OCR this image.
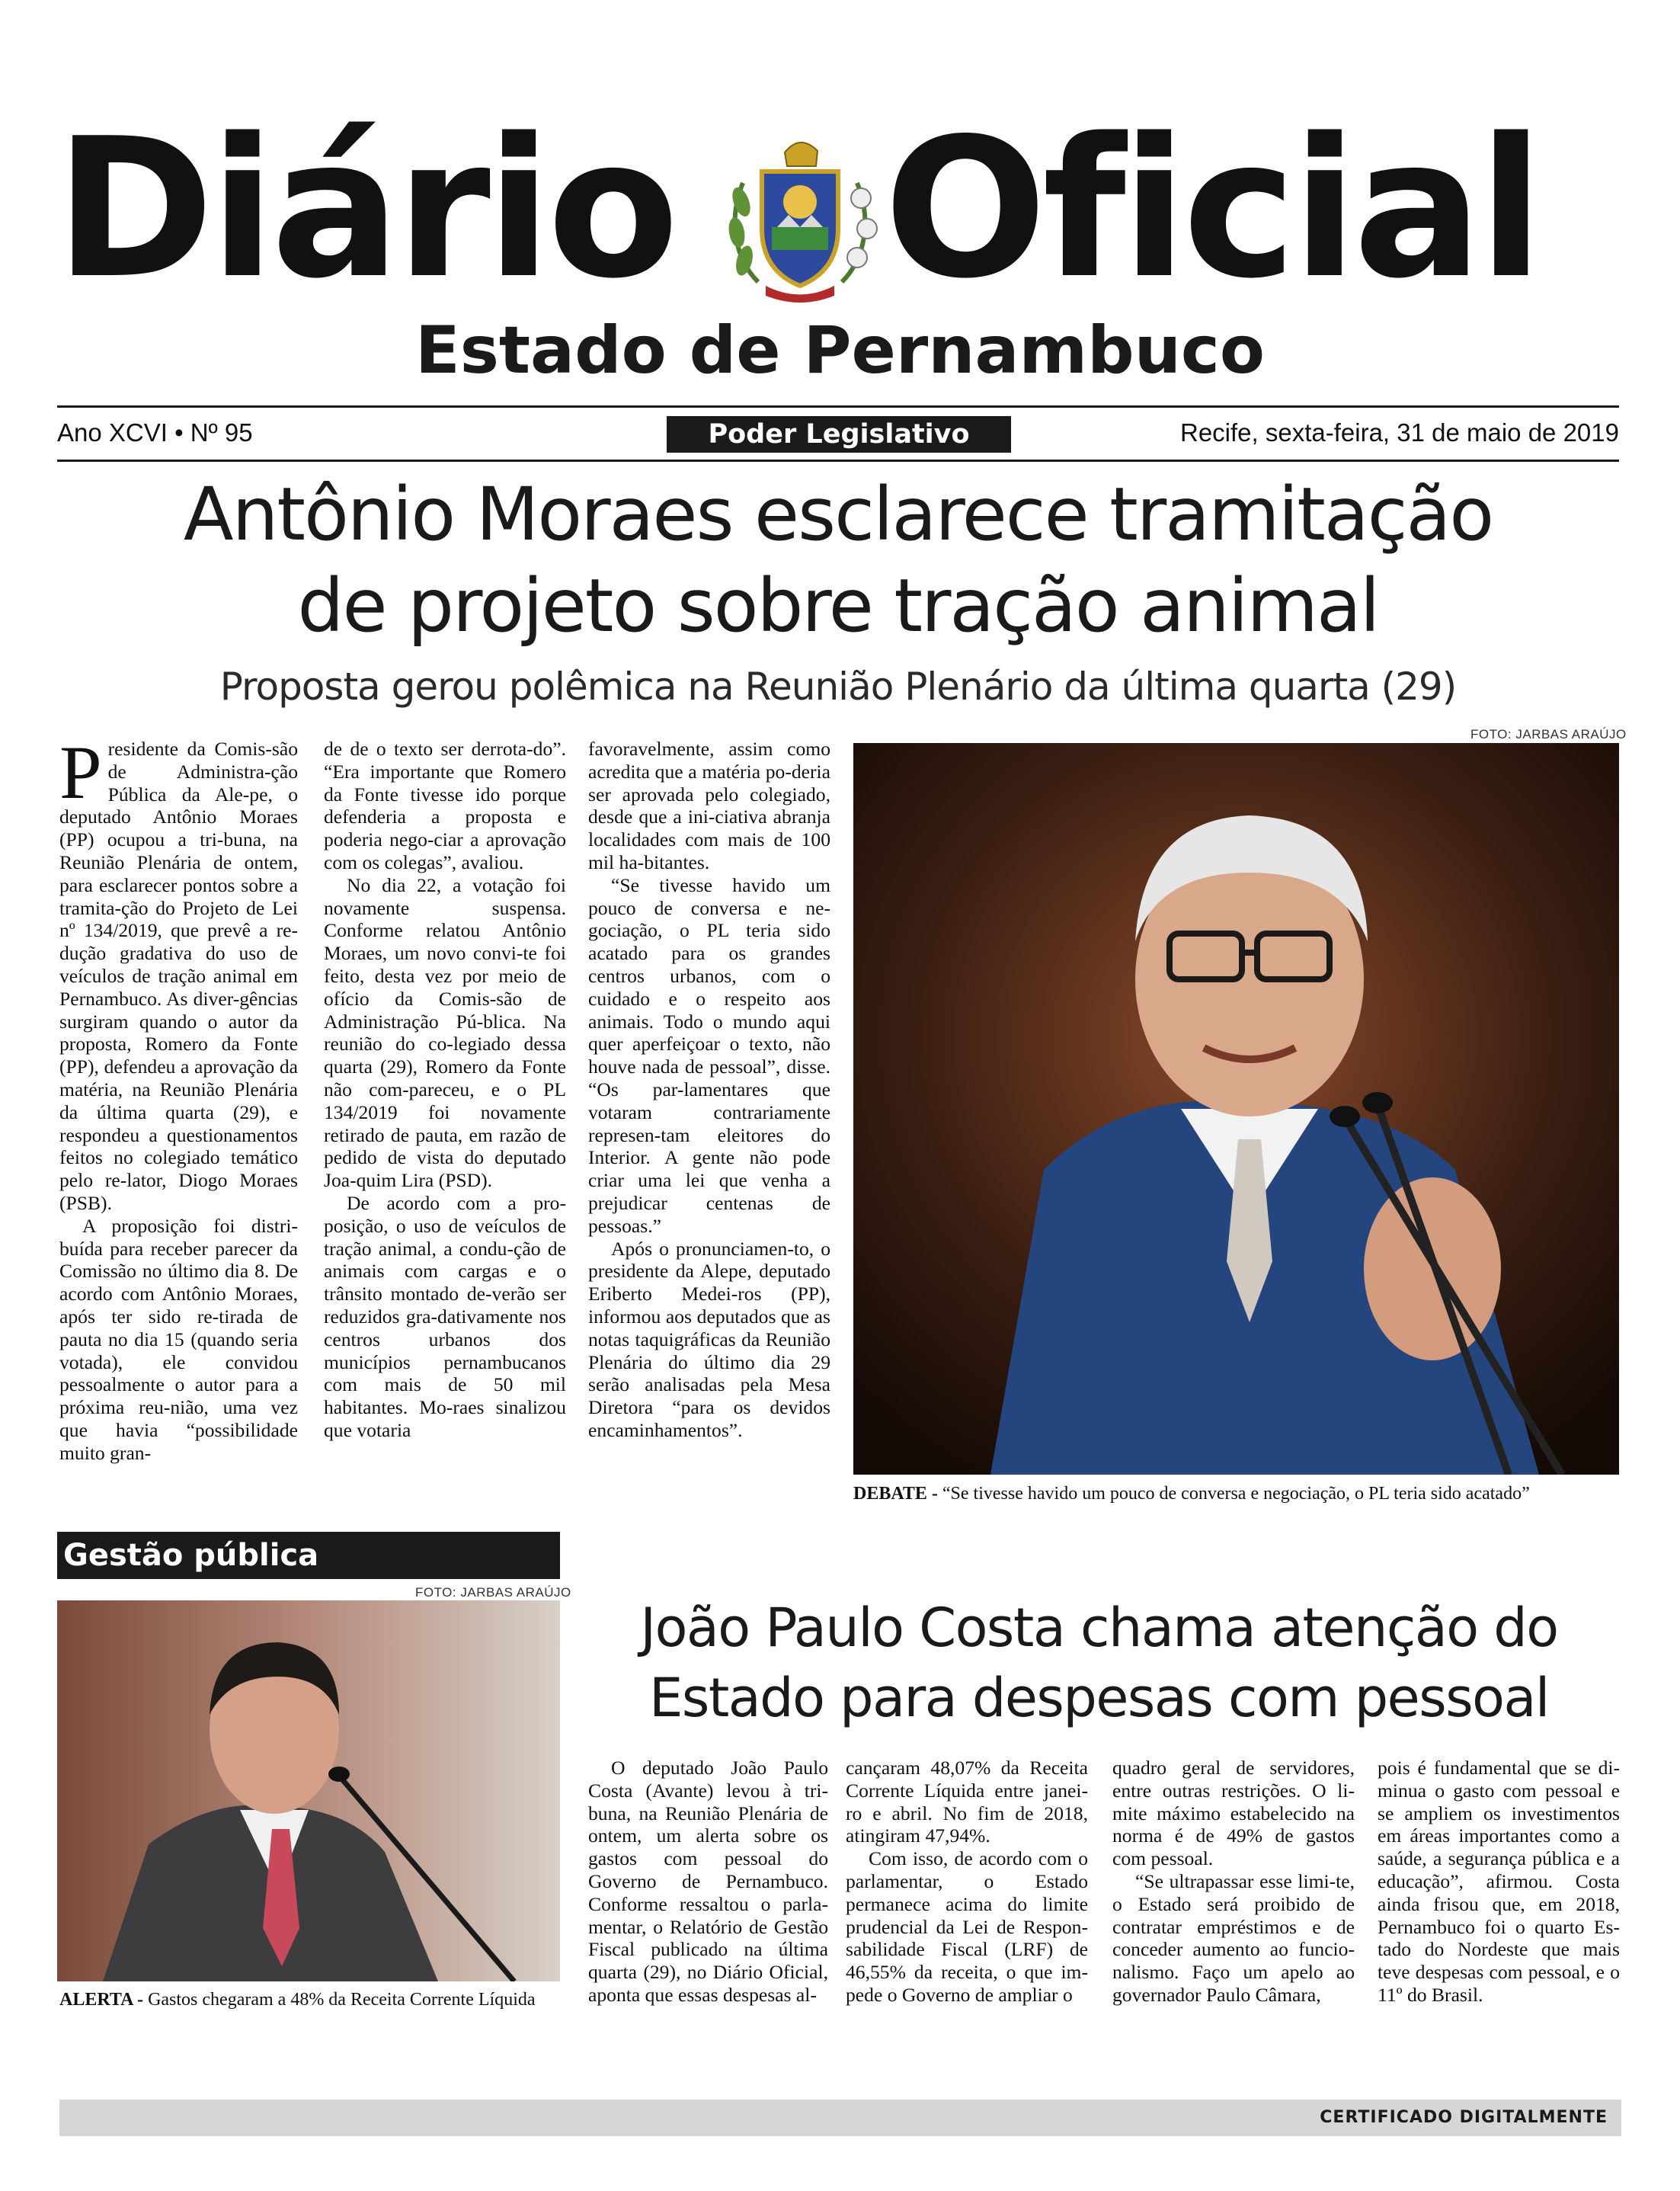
Diário Oficial
Estado de Pernambuco
Ano XCVI • Nº 95	Poder Legislativo	Recife, sexta-feira, 31 de maio de 2019
Antônio Moraes esclarece tramitação
de projeto sobre tração animal
Proposta gerou polêmica na Reunião Plenário da última quarta (29)
P residente da Comis-são de Administra-ção Pública da Ale-pe, o deputado Antônio Moraes (PP) ocupou a tri-buna, na Reunião Plenária de ontem, para esclarecer pontos sobre a tramita-ção do Projeto de Lei nº 134/2019, que prevê a re-dução gradativa do uso de veículos de tração animal em Pernambuco. As diver-gências surgiram quando o autor da proposta, Romero da Fonte (PP), defendeu a aprovação da matéria, na Reunião Plenária da última quarta (29), e respondeu a questionamentos feitos no colegiado temático pelo re-lator, Diogo Moraes (PSB).

A proposição foi distri-buída para receber parecer da Comissão no último dia 8. De acordo com Antônio Moraes, após ter sido re-tirada de pauta no dia 15 (quando seria votada), ele convidou pessoalmente o autor para a próxima reu-nião, uma vez que havia “possibilidade muito gran-

de de o texto ser derrota-do”. “Era importante que Romero da Fonte tivesse ido porque defenderia a proposta e poderia nego-ciar a aprovação com os colegas”, avaliou.

No dia 22, a votação foi novamente suspensa. Conforme relatou Antônio Moraes, um novo convi-te foi feito, desta vez por meio de ofício da Comis-são de Administração Pú-blica. Na reunião do co-legiado dessa quarta (29), Romero da Fonte não com-pareceu, e o PL 134/2019 foi novamente retirado de pauta, em razão de pedido de vista do deputado Joa-quim Lira (PSD).

De acordo com a pro-posição, o uso de veículos de tração animal, a condu-ção de animais com cargas e o trânsito montado de-verão ser reduzidos gra-dativamente nos centros urbanos dos municípios pernambucanos com mais de 50 mil habitantes. Mo-raes sinalizou que votaria

favoravelmente, assim como acredita que a matéria po-deria ser aprovada pelo colegiado, desde que a ini-ciativa abranja localidades com mais de 100 mil ha-bitantes.

“Se tivesse havido um pouco de conversa e ne-gociação, o PL teria sido acatado para os grandes centros urbanos, com o cuidado e o respeito aos animais. Todo o mundo aqui quer aperfeiçoar o texto, não houve nada de pessoal”, disse. “Os par-lamentares que votaram contrariamente represen-tam eleitores do Interior. A gente não pode criar uma lei que venha a prejudicar centenas de pessoas.”

Após o pronunciamen-to, o presidente da Alepe, deputado Eriberto Medei-ros (PP), informou aos deputados que as notas taquigráficas da Reunião Plenária do último dia 29 serão analisadas pela Mesa Diretora “para os devidos encaminhamentos”.

FOTO: JARBAS ARAÚJO
DEBATE - “Se tivesse havido um pouco de conversa e negociação, o PL teria sido acatado”
Gestão pública
FOTO: JARBAS ARAÚJO
ALERTA - Gastos chegaram a 48% da Receita Corrente Líquida
João Paulo Costa chama atenção do
Estado para despesas com pessoal

O deputado João Paulo Costa (Avante) levou à tri-buna, na Reunião Plenária de ontem, um alerta sobre os gastos com pessoal do Governo de Pernambuco. Conforme ressaltou o parla-mentar, o Relatório de Gestão Fiscal publicado na última quarta (29), no Diário Oficial, aponta que essas despesas al-

cançaram 48,07% da Receita Corrente Líquida entre janei-ro e abril. No fim de 2018, atingiram 47,94%.

Com isso, de acordo com o parlamentar, o Estado permanece acima do limite prudencial da Lei de Respon-sabilidade Fiscal (LRF) de 46,55% da receita, o que im-pede o Governo de ampliar o

quadro geral de servidores, entre outras restrições. O li-mite máximo estabelecido na norma é de 49% de gastos com pessoal.

“Se ultrapassar esse limi-te, o Estado será proibido de contratar empréstimos e de conceder aumento ao funcio-nalismo. Faço um apelo ao governador Paulo Câmara,

pois é fundamental que se di-minua o gasto com pessoal e se ampliem os investimentos em áreas importantes como a saúde, a segurança pública e a educação”, afirmou. Costa ainda frisou que, em 2018, Pernambuco foi o quarto Es-tado do Nordeste que mais teve despesas com pessoal, e o 11º do Brasil.

CERTIFICADO DIGITALMENTE
